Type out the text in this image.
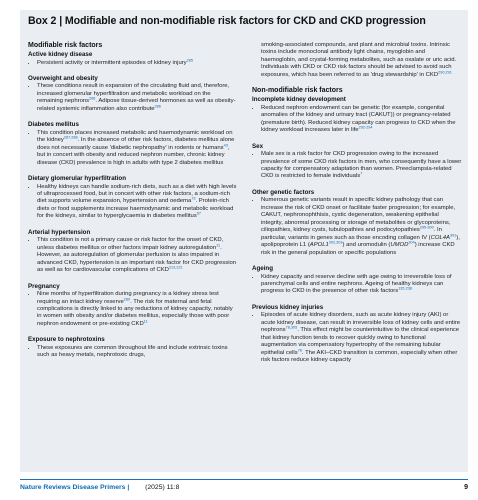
Box 2 | Modifiable and non-modifiable risk factors for CKD and CKD progression
Modifiable risk factors
Active kidney disease
• Persistent activity or intermittent episodes of kidney injury$^{285}$
Overweight and obesity
• These conditions result in expansion of the circulating fluid and, therefore, increased glomerular hyperfiltration and metabolic workload on the remaining nephrons$^{286}$. Adipose tissue-derived hormones as well as obesity-related systemic inflammation also contribute$^{286}$
Diabetes mellitus
• This condition places increased metabolic and haemodynamic workload on the kidney$^{287,288}$. In the absence of other risk factors, diabetes mellitus alone does not necessarily cause 'diabetic nephropathy' in rodents or humans$^{43}$, but in concert with obesity and reduced nephron number, chronic kidney disease (CKD) prevalence is high in adults with type 2 diabetes mellitus
Dietary glomerular hyperfiltration
• Healthy kidneys can handle sodium-rich diets, such as a diet with high levels of ultraprocessed food, but in concert with other risk factors, a sodium-rich diet supports volume expansion, hypertension and oedema$^{73}$. Protein-rich diets or food supplements increase haemodynamic and metabolic workload for the kidneys, similar to hyperglycaemia in diabetes mellitus$^{57}$
Arterial hypertension
• This condition is not a primary cause or risk factor for the onset of CKD, unless diabetes mellitus or other factors impair kidney autoregulation$^{11}$. However, as autoregulation of glomerular perfusion is also impaired in advanced CKD, hypertension is an important risk factor for CKD progression as well as for cardiovascular complications of CKD$^{213,221}$
Pregnancy
• Nine months of hyperfiltration during pregnancy is a kidney stress test requiring an intact kidney reserve$^{289}$. The risk for maternal and fetal complications is directly linked to any reductions of kidney capacity, notably in women with obesity and/or diabetes mellitus, especially those with poor nephron endowment or pre-existing CKD$^{11}$
Exposure to nephrotoxins
• These exposures are common throughout life and include extrinsic toxins such as heavy metals, nephrotoxic drugs,

smoking-associated compounds, and plant and microbial toxins. Intrinsic toxins include monoclonal antibody light chains, myoglobin and haemoglobin, and crystal-forming metabolites, such as oxalate or uric acid. Individuals with CKD or CKD risk factors should be advised to avoid such exposures, which has been referred to as 'drug stewardship' in CKD$^{290,291}$

Non-modifiable risk factors
Incomplete kidney development
• Reduced nephron endowment can be genetic (for example, congenital anomalies of the kidney and urinary tract (CAKUT)) or pregnancy-related (premature birth). Reduced kidney capacity can progress to CKD when the kidney workload increases later in life$^{292-294}$
Sex
• Male sex is a risk factor for CKD progression owing to the increased prevalence of some CKD risk factors in men, who consequently have a lower capacity for compensatory adaptation than women. Preeclampsia-related CKD is restricted to female individuals$^7$
Other genetic factors
• Numerous genetic variants result in specific kidney pathology that can increase the risk of CKD onset or facilitate faster progression; for example, CAKUT, nephronophthisis, cystic degeneration, weakening epithelial integrity, abnormal processing or storage of metabolites or glycoproteins, ciliopathies, kidney cysts, tubulopathies and podocytopathies$^{295-300}$. In particular, variants in genes such as those encoding collagen IV $(COL4A^{301})$, apolipoprotein L1 (APOL1$^{302,303}$) and uromodulin (UMOD$^{304}$) increase CKD risk in the general population or specific populations
Ageing
• Kidney capacity and reserve decline with age owing to irreversible loss of parenchymal cells and entire nephrons. Ageing of healthy kidneys can progress to CKD in the presence of other risk factors$^{135,238}$
Previous kidney injuries
• Episodes of acute kidney disorders, such as acute kidney injury (AKI) or acute kidney disease, can result in irreversible loss of kidney cells and entire nephrons$^{78,305}$. This effect might be counterintuitive to the clinical experience that kidney function tends to recover quickly owing to functional augmentation via compensatory hypertrophy of the remaining tubular epithelial cells$^{78}$. The AKI–CKD transition is common, especially when other risk factors reduce kidney capacity
Nature Reviews Disease Primers | (2025) 11:8	9
